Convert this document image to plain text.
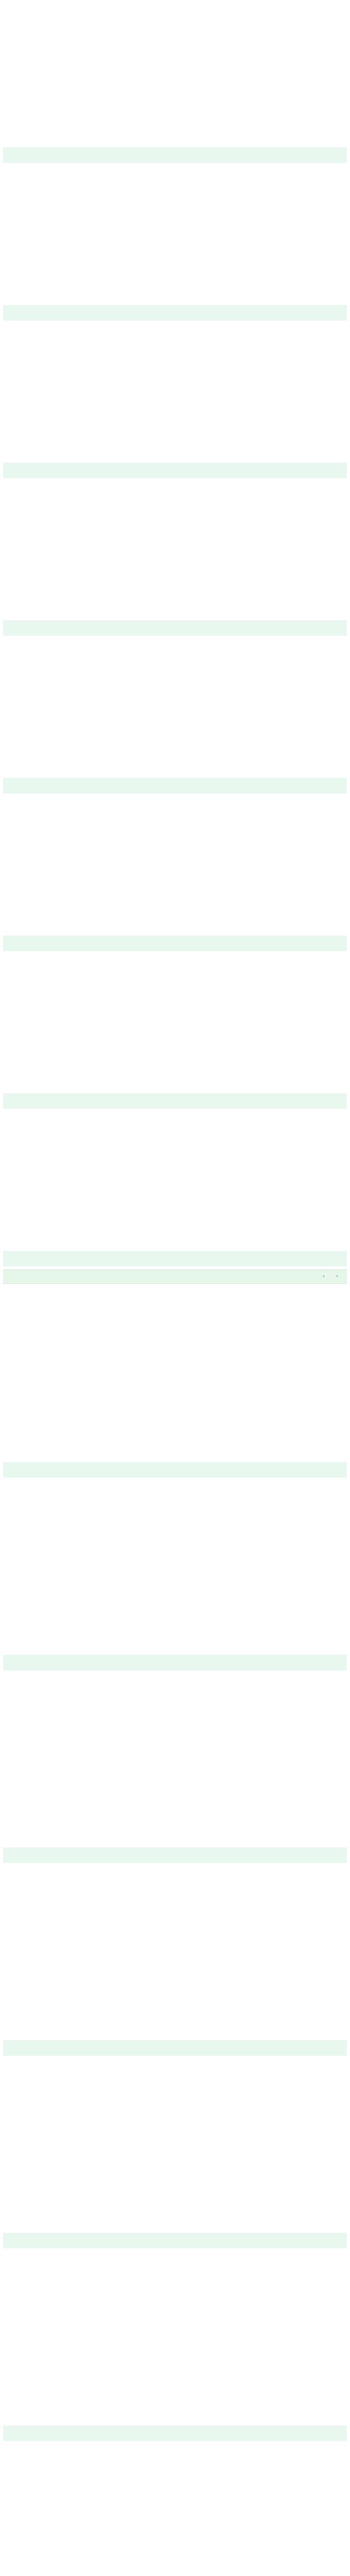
‹	›
